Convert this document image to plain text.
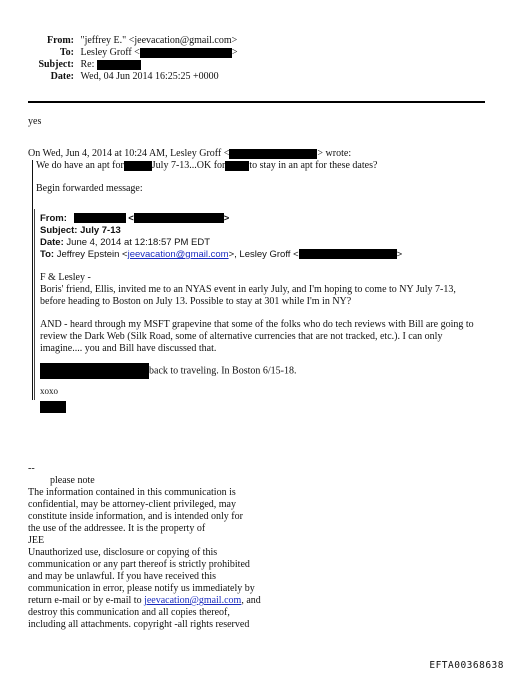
From: "jeffrey E." <jeevacation@gmail.com>
To: Lesley Groff <	>
Subject: Re:
Date: Wed, 04 Jun 2014 16:25:25 +0000
yes
On Wed, Jun 4, 2014 at 10:24 AM, Lesley Groff <	> wrote:
We do have an apt for	July 7-13...OK for to stay in an apt for these dates?
Begin forwarded message:
From:	<	>
Subject: July 7-13
Date: June 4, 2014 at 12:18:57 PM EDT
To: Jeffrey Epstein <jeevacation@gmail.com>, Lesley Groff <	>
F & Lesley -
Boris' friend, Ellis, invited me to an NYAS event in early July, and I'm hoping to come to NY July 7-13,
before heading to Boston on July 13. Possible to stay at 301 while I'm in NY?
AND - heard through my MSFT grapevine that some of the folks who do tech reviews with Bill are going to
review the Dark Web (Silk Road, some of alternative currencies that are not tracked, etc.). I can only
imagine.... you and Bill have discussed that.
back to traveling. In Boston 6/15-18.
xoxo
--
please note
The information contained in this communication is
confidential, may be attorney-client privileged, may
constitute inside information, and is intended only for
the use of the addressee. It is the property of
JEE
Unauthorized use, disclosure or copying of this
communication or any part thereof is strictly prohibited
and may be unlawful. If you have received this
communication in error, please notify us immediately by
return e-mail or by e-mail to jeevacation@gmail.com, and
destroy this communication and all copies thereof,
including all attachments. copyright -all rights reserved
EFTA00368638
